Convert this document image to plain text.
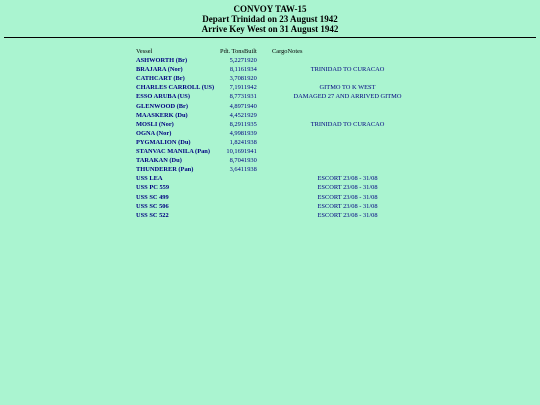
CONVOY TAW-15
Depart Trinidad on 23 August 1942
Arrive Key West on 31 August 1942
Vessel	Pdt. Tons	Built	Cargo	Notes
ASHWORTH (Br)	5,227	1920		
BRAJARA (Nor)	8,116	1934		TRINIDAD TO CURACAO
CATHCART (Br)	3,708	1920		
CHARLES CARROLL (US)	7,191	1942		GITMO TO K WEST
ESSO ARUBA (US)	8,773	1931		DAMAGED 27 AND ARRIVED GITMO
GLENWOOD (Br)	4,897	1940		
MAASKERK (Du)	4,452	1929		
MOSLI (Nor)	8,291	1935		TRINIDAD TO CURACAO
OGNA (Nor)	4,998	1939		
PYGMALION (Du)	1,824	1938		
STANVAC MANILA (Pan)	10,169	1941		
TARAKAN (Du)	8,704	1930		
THUNDERER (Pan)	3,641	1938		
USS LEA				ESCORT 23/08 - 31/08
USS PC 559				ESCORT 23/08 - 31/08
USS SC 499				ESCORT 23/08 - 31/08
USS SC 506				ESCORT 23/08 - 31/08
USS SC 522				ESCORT 23/08 - 31/08
